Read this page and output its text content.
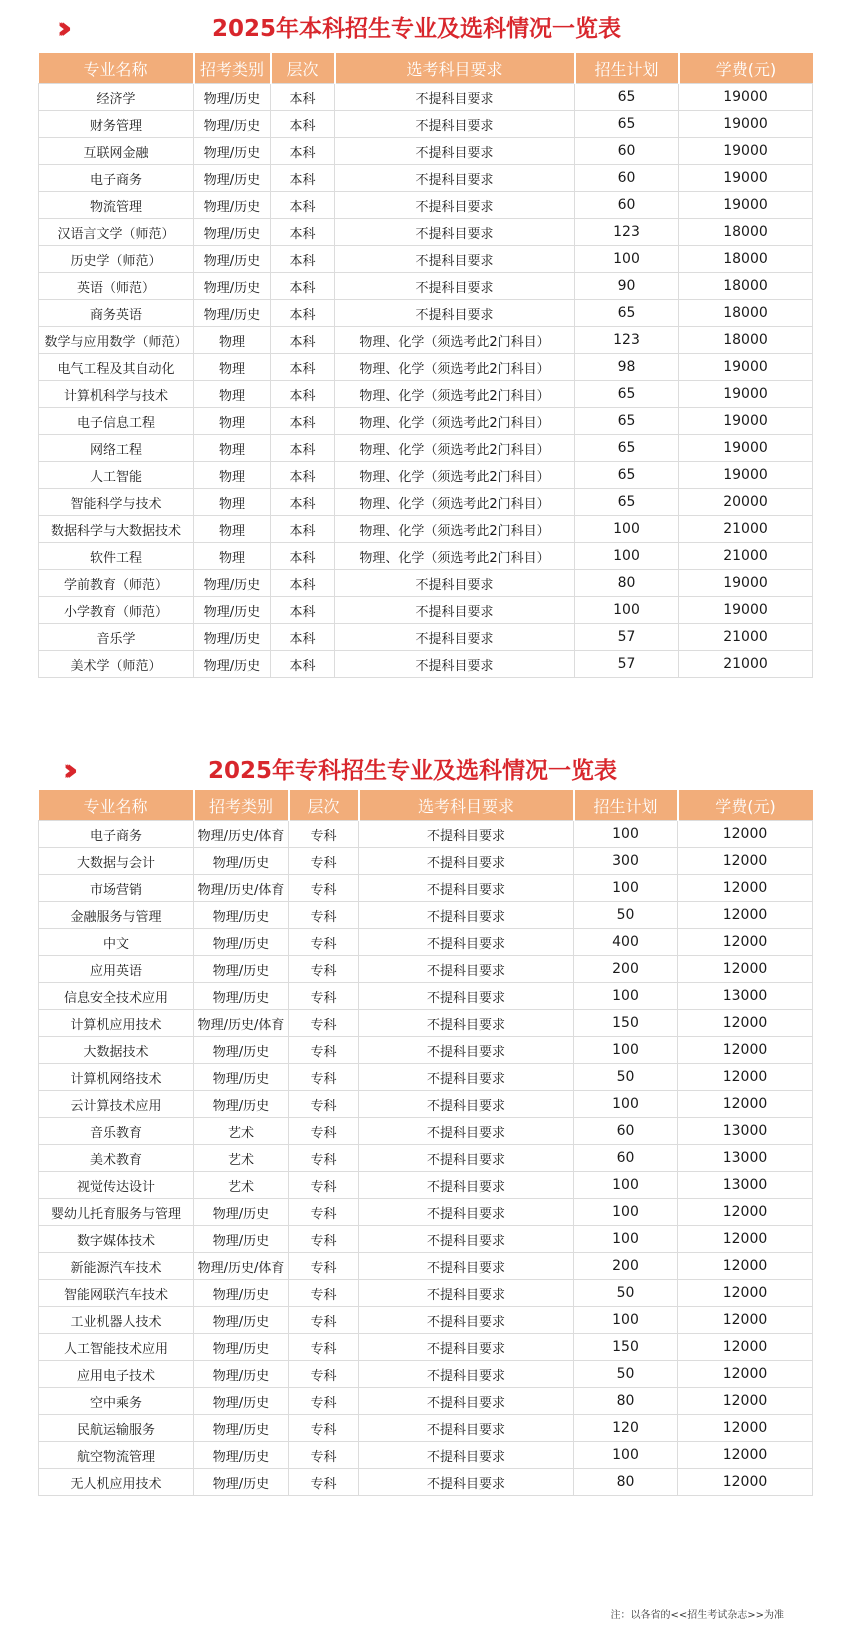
2025年本科招生专业及选科情况一览表
专业名称	招考类别	层次	选考科目要求	招生计划	学费(元)
经济学	物理/历史	本科	不提科目要求	65	19000
财务管理	物理/历史	本科	不提科目要求	65	19000
互联网金融	物理/历史	本科	不提科目要求	60	19000
电子商务	物理/历史	本科	不提科目要求	60	19000
物流管理	物理/历史	本科	不提科目要求	60	19000
汉语言文学（师范）	物理/历史	本科	不提科目要求	123	18000
历史学（师范）	物理/历史	本科	不提科目要求	100	18000
英语（师范）	物理/历史	本科	不提科目要求	90	18000
商务英语	物理/历史	本科	不提科目要求	65	18000
数学与应用数学（师范）	物理	本科	物理、化学（须选考此2门科目）	123	18000
电气工程及其自动化	物理	本科	物理、化学（须选考此2门科目）	98	19000
计算机科学与技术	物理	本科	物理、化学（须选考此2门科目）	65	19000
电子信息工程	物理	本科	物理、化学（须选考此2门科目）	65	19000
网络工程	物理	本科	物理、化学（须选考此2门科目）	65	19000
人工智能	物理	本科	物理、化学（须选考此2门科目）	65	19000
智能科学与技术	物理	本科	物理、化学（须选考此2门科目）	65	20000
数据科学与大数据技术	物理	本科	物理、化学（须选考此2门科目）	100	21000
软件工程	物理	本科	物理、化学（须选考此2门科目）	100	21000
学前教育（师范）	物理/历史	本科	不提科目要求	80	19000
小学教育（师范）	物理/历史	本科	不提科目要求	100	19000
音乐学	物理/历史	本科	不提科目要求	57	21000
美术学（师范）	物理/历史	本科	不提科目要求	57	21000
2025年专科招生专业及选科情况一览表
专业名称	招考类别	层次	选考科目要求	招生计划	学费(元)
电子商务	物理/历史/体育	专科	不提科目要求	100	12000
大数据与会计	物理/历史	专科	不提科目要求	300	12000
市场营销	物理/历史/体育	专科	不提科目要求	100	12000
金融服务与管理	物理/历史	专科	不提科目要求	50	12000
中文	物理/历史	专科	不提科目要求	400	12000
应用英语	物理/历史	专科	不提科目要求	200	12000
信息安全技术应用	物理/历史	专科	不提科目要求	100	13000
计算机应用技术	物理/历史/体育	专科	不提科目要求	150	12000
大数据技术	物理/历史	专科	不提科目要求	100	12000
计算机网络技术	物理/历史	专科	不提科目要求	50	12000
云计算技术应用	物理/历史	专科	不提科目要求	100	12000
音乐教育	艺术	专科	不提科目要求	60	13000
美术教育	艺术	专科	不提科目要求	60	13000
视觉传达设计	艺术	专科	不提科目要求	100	13000
婴幼儿托育服务与管理	物理/历史	专科	不提科目要求	100	12000
数字媒体技术	物理/历史	专科	不提科目要求	100	12000
新能源汽车技术	物理/历史/体育	专科	不提科目要求	200	12000
智能网联汽车技术	物理/历史	专科	不提科目要求	50	12000
工业机器人技术	物理/历史	专科	不提科目要求	100	12000
人工智能技术应用	物理/历史	专科	不提科目要求	150	12000
应用电子技术	物理/历史	专科	不提科目要求	50	12000
空中乘务	物理/历史	专科	不提科目要求	80	12000
民航运输服务	物理/历史	专科	不提科目要求	120	12000
航空物流管理	物理/历史	专科	不提科目要求	100	12000
无人机应用技术	物理/历史	专科	不提科目要求	80	12000
注：以各省的<<招生考试杂志>>为准
